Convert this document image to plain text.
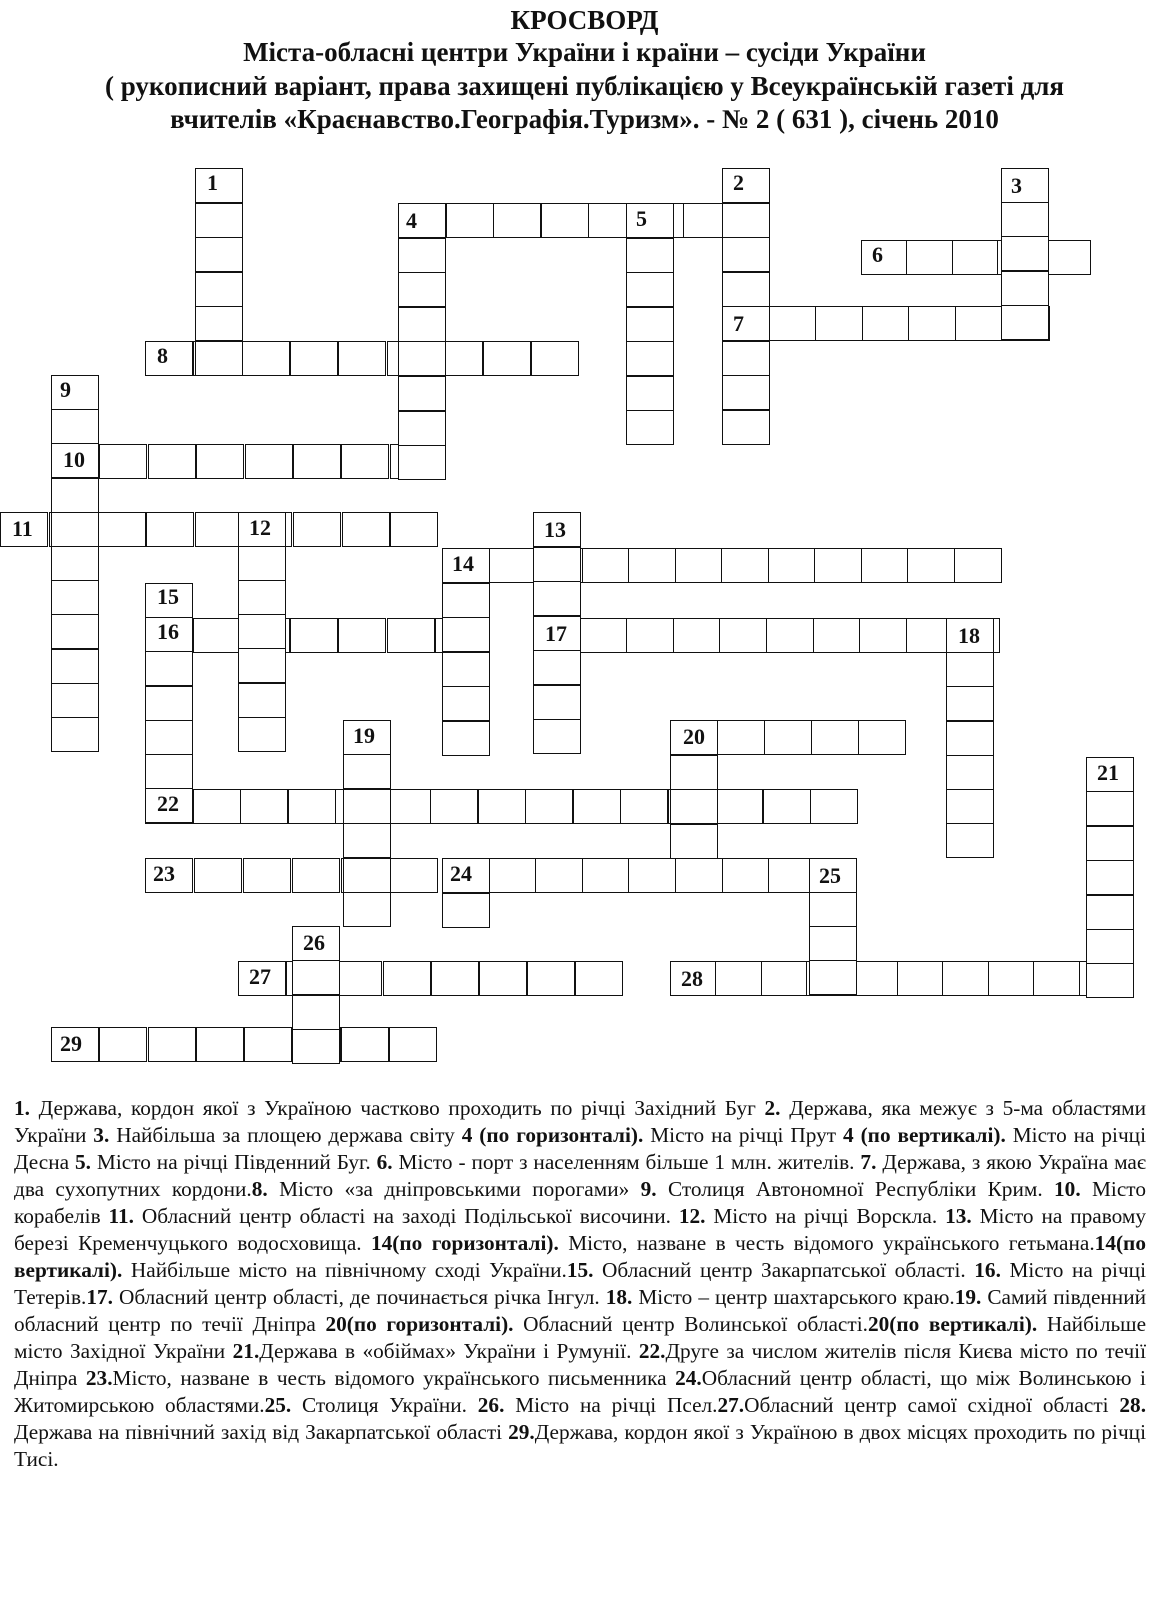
КРОСВОРД
Міста-обласні центри України і країни – сусіди України
( рукописний варіант, права захищені публікацією у Всеукраїнській газеті для
вчителів «Краєнавство.Географія.Туризм». - № 2 ( 631 ), січень 2010
1	2	3
4	5
6
7
8
9
10
11	12	13
14
15
16	17	18
19	20
21
22
23	24	25
26
27	28
29
1. Держава, кордон якої з Україною частково проходить по річці Західний Буг 2. Держава, яка межує з 5-ма областями України 3. Найбільша за площею держава світу 4 (по горизонталі). Місто на річці Прут 4 (по вертикалі). Місто на річці Десна 5. Місто на річці Південний Буг. 6. Місто - порт з населенням більше 1 млн. жителів. 7. Держава, з якою Україна має два сухопутних кордони.8. Місто «за дніпровськими порогами» 9. Столиця Автономної Республіки Крим. 10. Місто корабелів 11. Обласний центр області на заході Подільської височини. 12. Місто на річці Ворскла. 13. Місто на правому березі Кременчуцького водосховища. 14(по горизонталі). Місто, назване в честь відомого українського гетьмана.14(по вертикалі). Найбільше місто на північному сході України.15. Обласний центр Закарпатської області. 16. Місто на річці Тетерів.17. Обласний центр області, де починається річка Інгул. 18. Місто – центр шахтарського краю.19. Самий південний обласний центр по течії Дніпра 20(по горизонталі). Обласний центр Волинської області.20(по вертикалі). Найбільше місто Західної України 21.Держава в «обіймах» України і Румунії. 22.Друге за числом жителів після Києва місто по течії Дніпра 23.Місто, назване в честь відомого українського письменника 24.Обласний центр області, що між Волинською і Житомирською областями.25. Столиця України. 26. Місто на річці Псел.27.Обласний центр самої східної області 28. Держава на північний захід від Закарпатської області 29.Держава, кордон якої з Україною в двох місцях проходить по річці Тисі.
